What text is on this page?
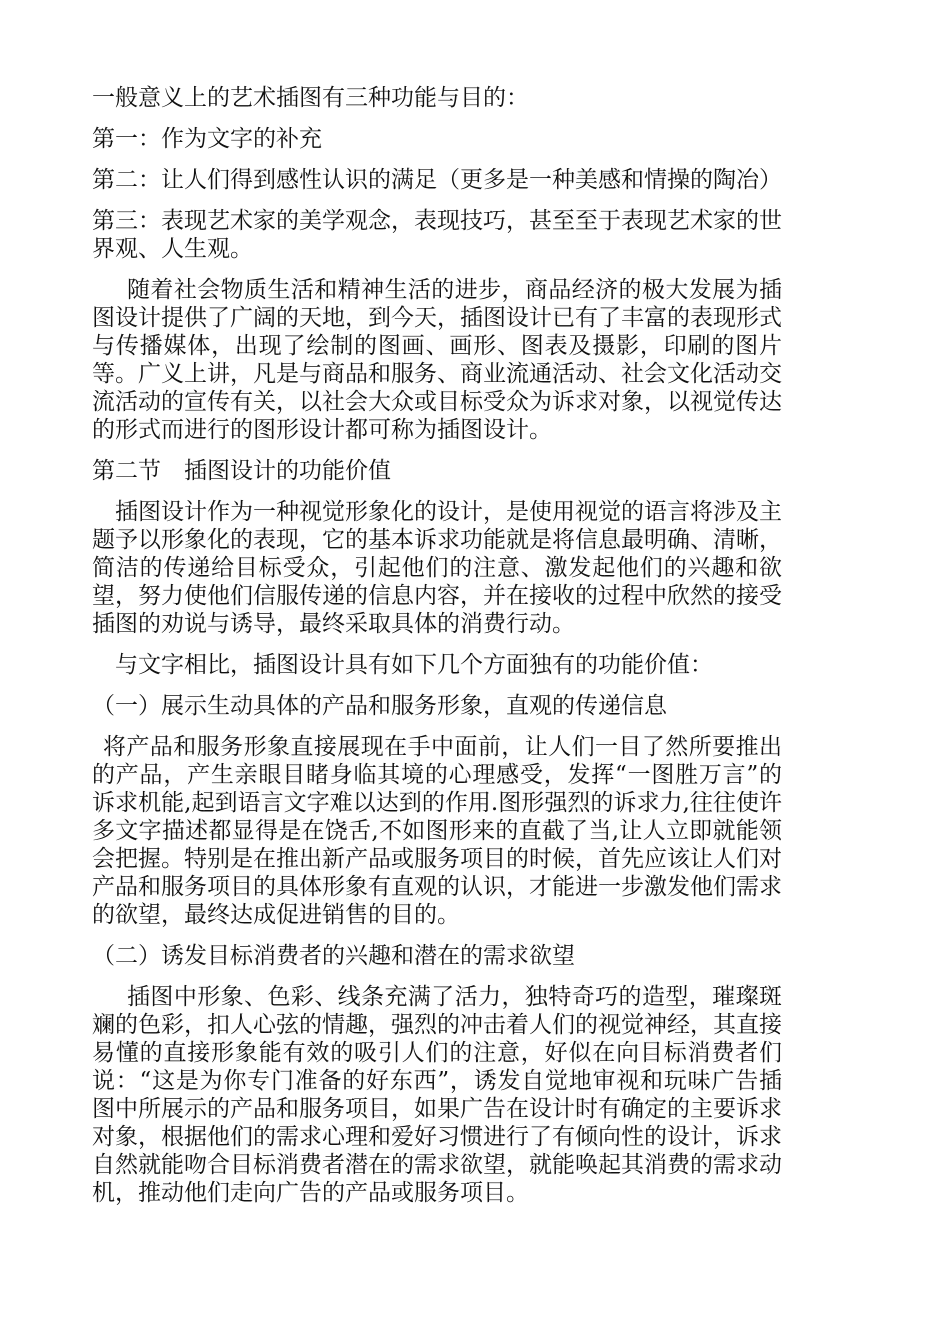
一般意义上的艺术插图有三种功能与目的：

第一：作为文字的补充

第二：让人们得到感性认识的满足（更多是一种美感和情操的陶冶）

第三：表现艺术家的美学观念，表现技巧，甚至至于表现艺术家的世界观、人生观。

随着社会物质生活和精神生活的进步，商品经济的极大发展为插图设计提供了广阔的天地，到今天，插图设计已有了丰富的表现形式与传播媒体，出现了绘制的图画、画形、图表及摄影，印刷的图片等。广义上讲，凡是与商品和服务、商业流通活动、社会文化活动交流活动的宣传有关，以社会大众或目标受众为诉求对象，以视觉传达的形式而进行的图形设计都可称为插图设计。

第二节　插图设计的功能价值

插图设计作为一种视觉形象化的设计，是使用视觉的语言将涉及主题予以形象化的表现，它的基本诉求功能就是将信息最明确、清晰，简洁的传递给目标受众，引起他们的注意、激发起他们的兴趣和欲望，努力使他们信服传递的信息内容，并在接收的过程中欣然的接受插图的劝说与诱导，最终采取具体的消费行动。

与文字相比，插图设计具有如下几个方面独有的功能价值：

（一）展示生动具体的产品和服务形象，直观的传递信息

将产品和服务形象直接展现在手中面前，让人们一目了然所要推出的产品，产生亲眼目睹身临其境的心理感受，发挥“一图胜万言”的诉求机能,起到语言文字难以达到的作用.图形强烈的诉求力,往往使许多文字描述都显得是在饶舌,不如图形来的直截了当,让人立即就能领会把握。特别是在推出新产品或服务项目的时候，首先应该让人们对产品和服务项目的具体形象有直观的认识，才能进一步激发他们需求的欲望，最终达成促进销售的目的。

（二）诱发目标消费者的兴趣和潜在的需求欲望

插图中形象、色彩、线条充满了活力，独特奇巧的造型，璀璨斑斓的色彩，扣人心弦的情趣，强烈的冲击着人们的视觉神经，其直接易懂的直接形象能有效的吸引人们的注意，好似在向目标消费者们说：“这是为你专门准备的好东西”，诱发自觉地审视和玩味广告插图中所展示的产品和服务项目，如果广告在设计时有确定的主要诉求对象，根据他们的需求心理和爱好习惯进行了有倾向性的设计，诉求自然就能吻合目标消费者潜在的需求欲望，就能唤起其消费的需求动机，推动他们走向广告的产品或服务项目。
